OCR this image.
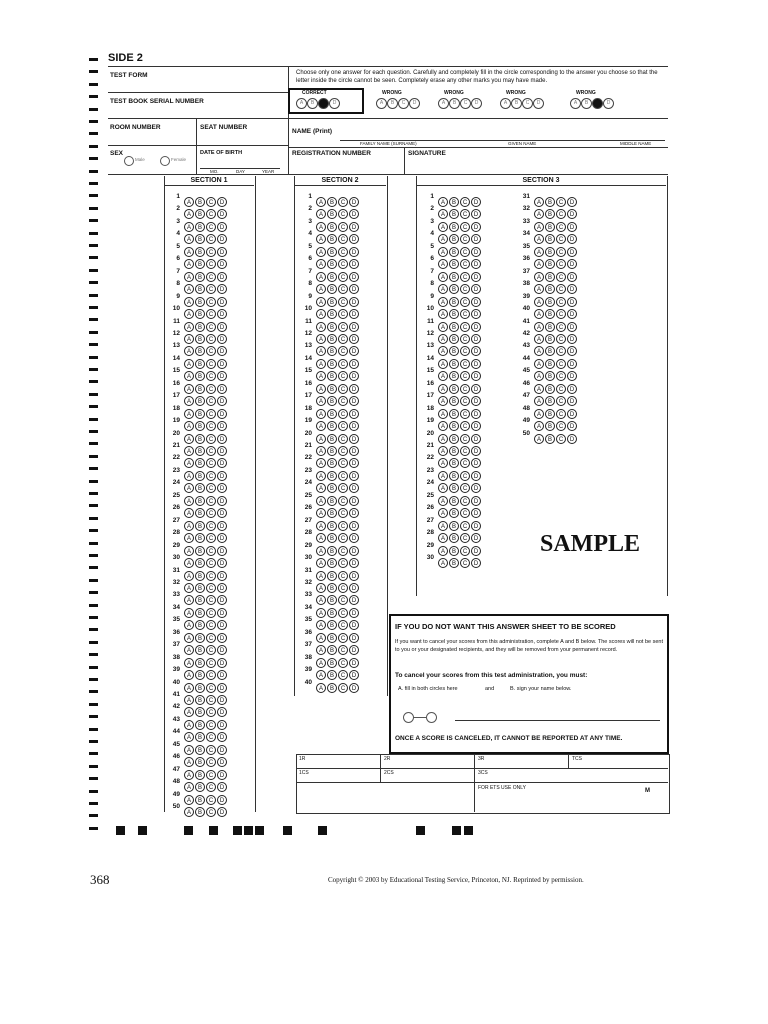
SIDE 2
TEST FORM
TEST BOOK SERIAL NUMBER
Choose only one answer for each question. Carefully and completely fill in the circle corresponding to the answer you choose so that the letter inside the circle cannot be seen. Completely erase any other marks you may have made.
CORRECT
A	B	D
WRONG
A	B	C	D
WRONG
A	B	C	D
WRONG
A	B	C	D
WRONG
A	B	D
ROOM NUMBER	SEAT NUMBER
NAME (Print)
FAMILY NAME (SURNAME)	GIVEN NAME	MIDDLE NAME
SEX
Male	Female
DATE OF BIRTH
MO.	DAY	YEAR
REGISTRATION NUMBER	SIGNATURE
SECTION 1	SECTION 2	SECTION 3
1
A B C D
2
A B C D
3
A B C D
4
A B C D
5
A B C D
6
A B C D
7
A B C D
8
A B C D
9
A B C D
10
A B C D
11
A B C D
12
A B C D
13
A B C D
14
A B C D
15
A B C D
16
A B C D
17
A B C D
18
A B C D
19
A B C D
20
A B C D
21
A B C D
22
A B C D
23
A B C D
24
A B C D
25
A B C D
26
A B C D
27
A B C D
28
A B C D
29
A B C D
30
A B C D
31
A B C D
32
A B C D
33
A B C D
34
A B C D
35
A B C D
36
A B C D
37
A B C D
38
A B C D
39
A B C D
40
A B C D
41
A B C D
42
A B C D
43
A B C D
44
A B C D
45
A B C D
46
A B C D
47
A B C D
48
A B C D
49
A B C D
50
A B C D
1
A B C D
2
A B C D
3
A B C D
4
A B C D
5
A B C D
6
A B C D
7
A B C D
8
A B C D
9
A B C D
10
A B C D
11
A B C D
12
A B C D
13
A B C D
14
A B C D
15
A B C D
16
A B C D
17
A B C D
18
A B C D
19
A B C D
20
A B C D
21
A B C D
22
A B C D
23
A B C D
24
A B C D
25
A B C D
26
A B C D
27
A B C D
28
A B C D
29
A B C D
30
A B C D
31
A B C D
32
A B C D
33
A B C D
34
A B C D
35
A B C D
36
A B C D
37
A B C D
38
A B C D
39
A B C D
40
A B C D
1
A B C D
2
A B C D
3
A B C D
4
A B C D
5
A B C D
6
A B C D
7
A B C D
8
A B C D
9
A B C D
10
A B C D
11
A B C D
12
A B C D
13
A B C D
14
A B C D
15
A B C D
16
A B C D
17
A B C D
18
A B C D
19
A B C D
20
A B C D
21
A B C D
22
A B C D
23
A B C D
24
A B C D
25
A B C D
26
A B C D
27
A B C D
28
A B C D
29
A B C D
30
A B C D
31
A B C D
32
A B C D
33
A B C D
34
A B C D
35
A B C D
36
A B C D
37
A B C D
38
A B C D
39
A B C D
40
A B C D
41
A B C D
42
A B C D
43
A B C D
44
A B C D
45
A B C D
46
A B C D
47
A B C D
48
A B C D
49
A B C D
50
A B C D
SAMPLE
IF YOU DO NOT WANT THIS ANSWER SHEET TO BE SCORED
If you want to cancel your scores from this administration, complete A and B below. The scores will not be sent to you or your designated recipients, and they will be removed from your permanent record.
To cancel your scores from this test administration, you must:
A. fill in both circles here	and	B. sign your name below.
ONCE A SCORE IS CANCELED, IT CANNOT BE REPORTED AT ANY TIME.
1R	2R	3R	TCS
1CS	2CS	3CS
FOR ETS USE ONLY	M
368	Copyright © 2003 by Educational Testing Service, Princeton, NJ. Reprinted by permission.
